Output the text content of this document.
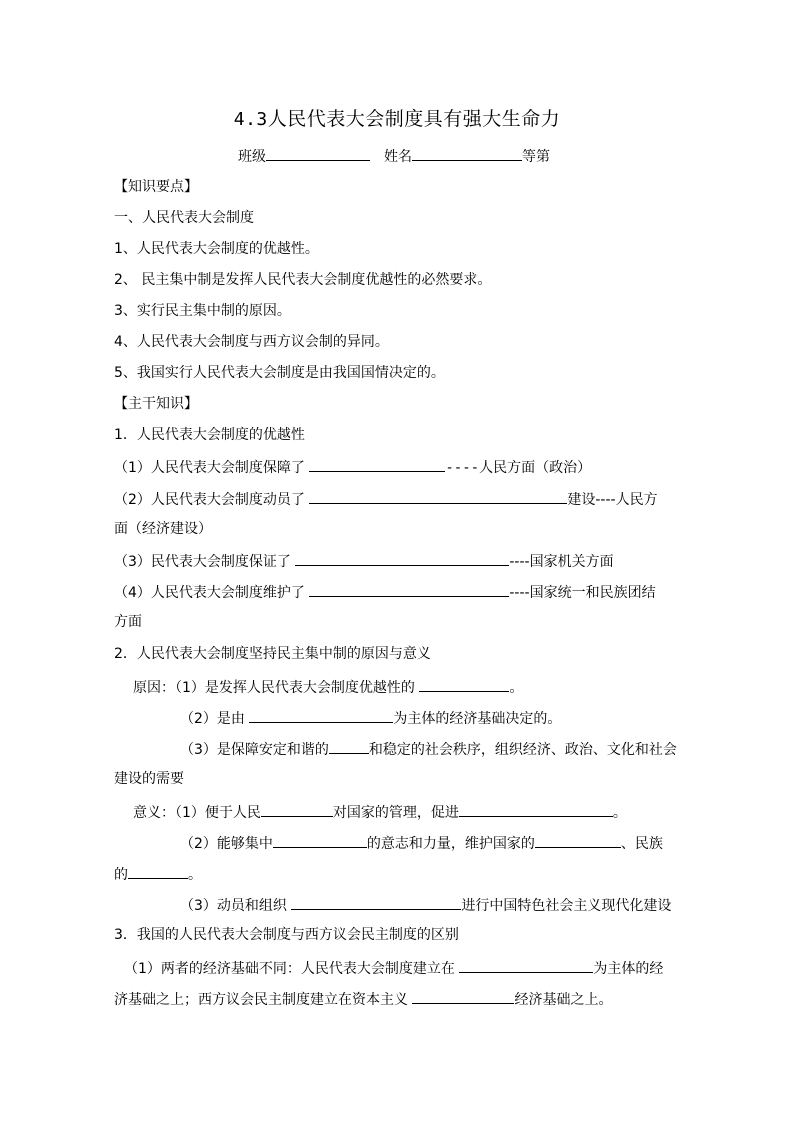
4.3人民代表大会制度具有强大生命力
班级	姓名	等第
【知识要点】
一、人民代表大会制度
1、人民代表大会制度的优越性。
2、 民主集中制是发挥人民代表大会制度优越性的必然要求。
3、实行民主集中制的原因。
4、人民代表大会制度与西方议会制的异同。
5、我国实行人民代表大会制度是由我国国情决定的。
【主干知识】
1．人民代表大会制度的优越性
（1）人民代表大会制度保障了	----人民方面（政治）
（2）人民代表大会制度动员了	建设----人民方
面（经济建设）
（3）民代表大会制度保证了	----国家机关方面
（4）人民代表大会制度维护了	----国家统一和民族团结
方面
2．人民代表大会制度坚持民主集中制的原因与意义
原因：（1）是发挥人民代表大会制度优越性的	。
（2）是由	为主体的经济基础决定的。
（3）是保障安定和谐的	和稳定的社会秩序，组织经济、政治、文化和社会
建设的需要
意义：（1）便于人民	对国家的管理，促进	。
（2）能够集中	的意志和力量，维护国家的	、民族
的	。
（3）动员和组织	进行中国特色社会主义现代化建设
3．我国的人民代表大会制度与西方议会民主制度的区别
（1）两者的经济基础不同：人民代表大会制度建立在	为主体的经
济基础之上；西方议会民主制度建立在资本主义	经济基础之上。
